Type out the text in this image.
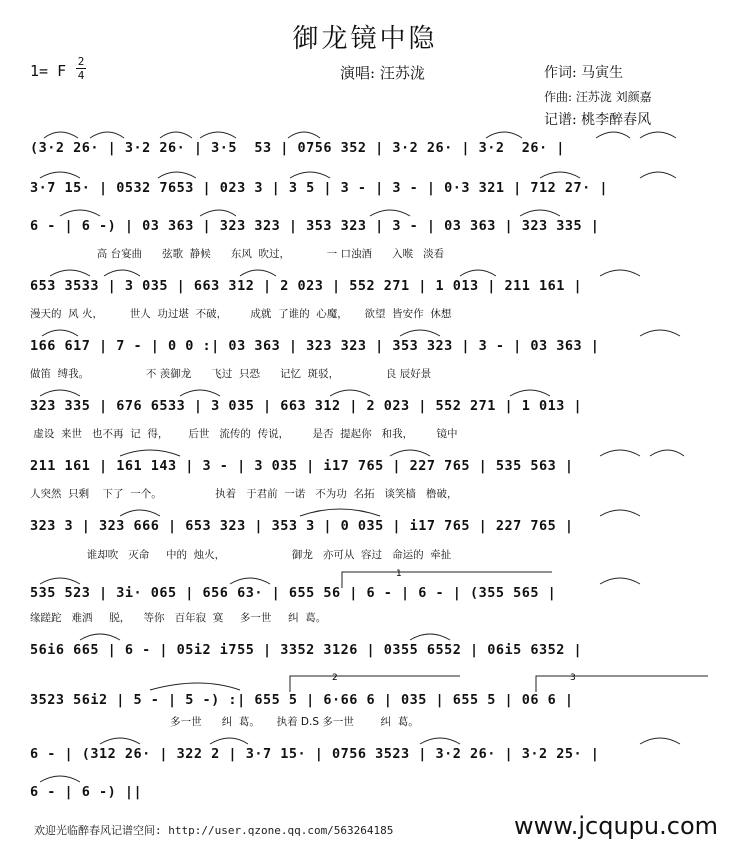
御龙镜中隐
1= F
2
4	演唱: 汪苏泷	作词: 马寅生
作曲: 汪苏泷 刘颜嘉
记谱: 桃李醉春风
(3·2 26· | 3·2 26· | 3·5  53 | 0756 352 | 3·2 26· | 3·2  26· |
3·7 15· | 0532 7653 | 023 3 | 3 5 | 3 - | 3 - | 0·3 321 | 712 27· |
6 - | 6 -) | 03 363 | 323 323 | 353 323 | 3 - | 03 363 | 323 335 |
高 台宴曲      弦歌  静候      东风  吹过，           一 口浊酒      入喉   淡看
653 3533 | 3 035 | 663 312 | 2 023 | 552 271 | 1 013 | 211 161 |
漫天的  风 火，        世人  功过堪  不破，       成就  了谁的  心魔，     欲望  皆安作  休想
166 617 | 7 - | 0 0 :| 03 363 | 323 323 | 353 323 | 3 - | 03 363 |
做笛  缚我。                 不 羡御龙      飞过  只恐      记忆  斑驳，              良 辰好景
323 335 | 676 6533 | 3 035 | 663 312 | 2 023 | 552 271 | 1 013 |
虚设  来世   也不再  记  得，      后世   流传的  传说，       是否  提起你   和我，       镜中
211 161 | 161 143 | 3 - | 3 035 | i17 765 | 227 765 | 535 563 |
人突然  只剩    下了  一个。                执着   于君前  一诺   不为功  名拓   谈笑樯   橹破，
323 3 | 323 666 | 653 323 | 353 3 | 0 035 | i17 765 | 227 765 |
谁却吹   灭命     中的  烛火，                    御龙   亦可从  容过   命运的  牵扯
535 523 | 3i· 065 | 656 63· | 655 56 | 6 - | 6 - | (355 565 |
缘蹉跎   难洒     脱，    等你   百年寂  寞     多一世     纠  葛。
56i6 665 | 6 - | 05i2 i755 | 3352 3126 | 0355 6552 | 06i5 6352 |
3523 56i2 | 5 - | 5 -) :| 655 5 | 6·66 6 | 035 | 655 5 | 06 6 |
多一世      纠  葛。     执着 D.S 多一世        纠  葛。
6 - | (312 26· | 322 2 | 3·7 15· | 0756 3523 | 3·2 26· | 3·2 25· |
6 - | 6 -) ||
1
2	3
欢迎光临醉春风记谱空间: http://user.qzone.qq.com/563264185	www.jcqupu.com
